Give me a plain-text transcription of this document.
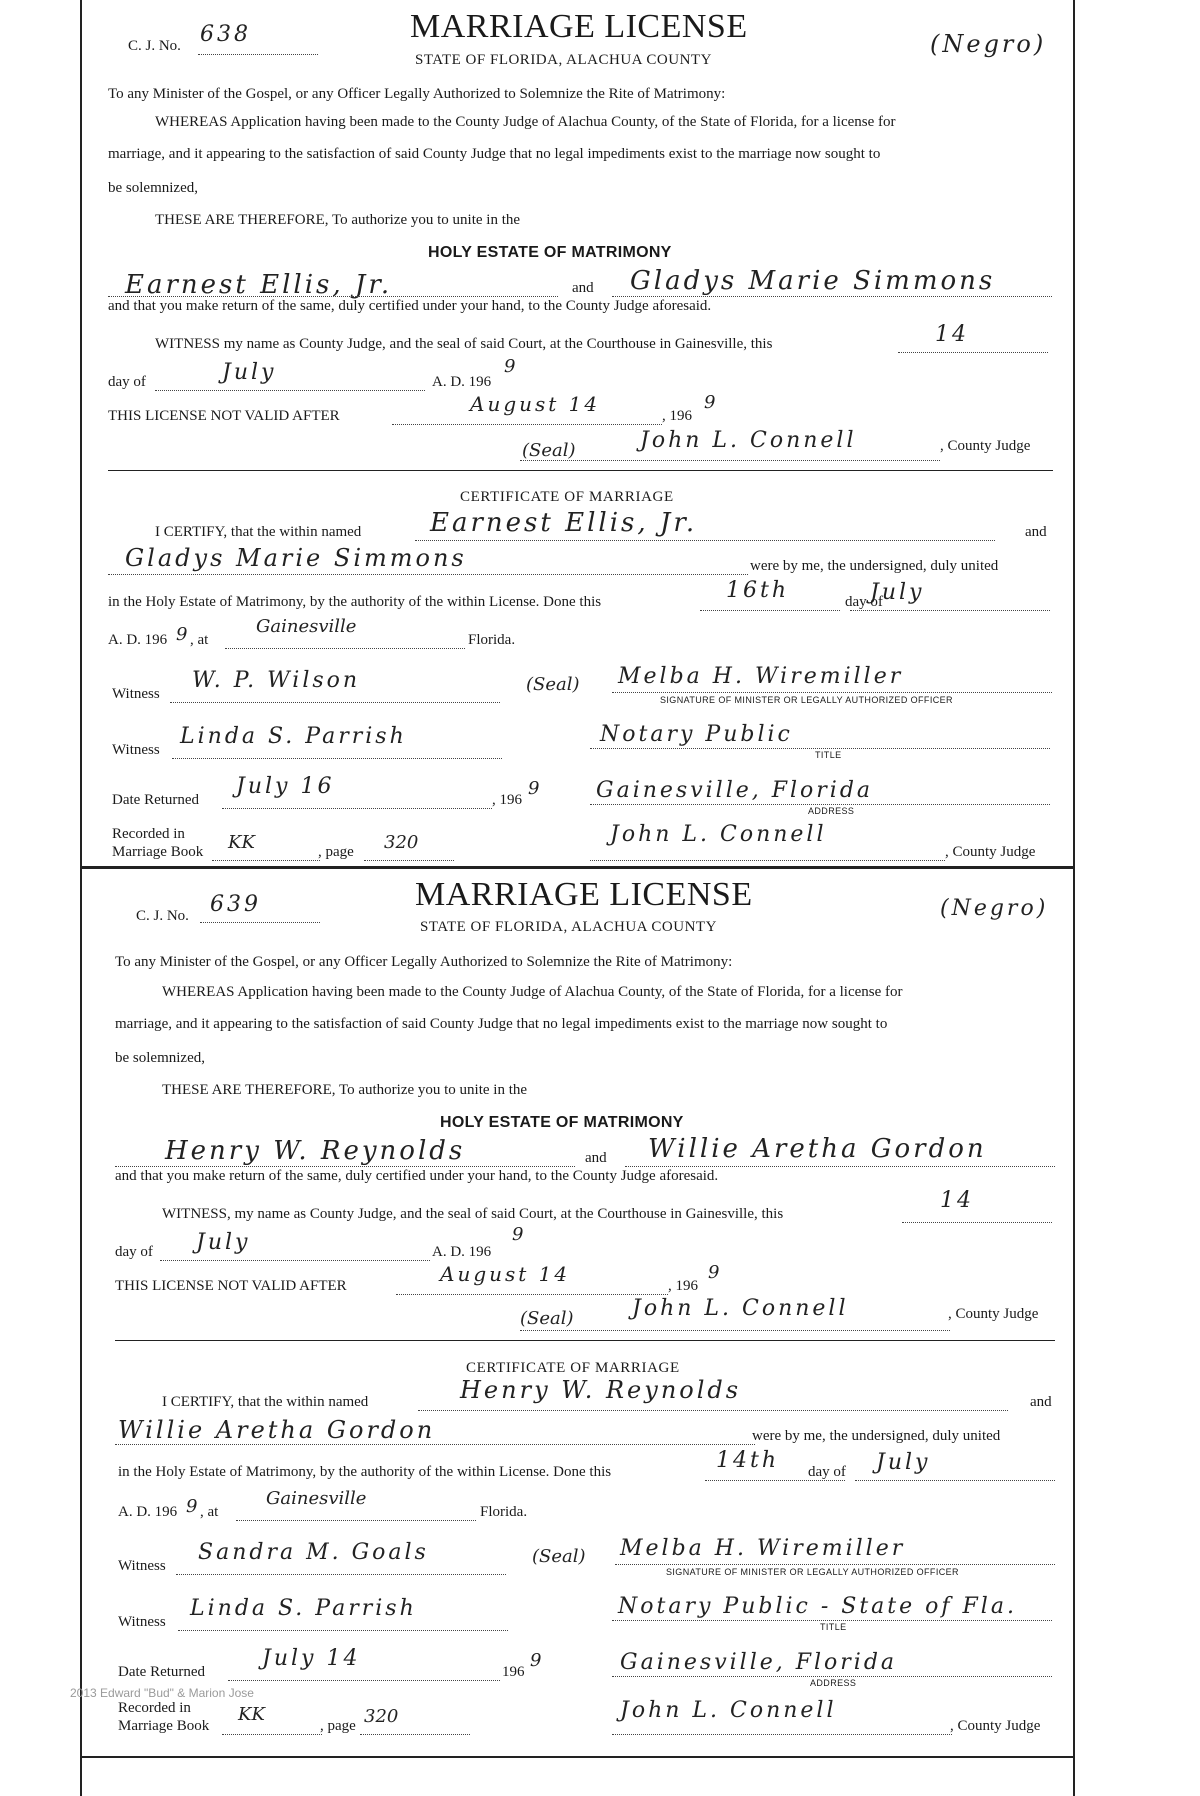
C. J. No. 638	MARRIAGE LICENSE
STATE OF FLORIDA, ALACHUA COUNTY
(Negro)
To any Minister of the Gospel, or any Officer Legally Authorized to Solemnize the Rite of Matrimony:
WHEREAS Application having been made to the County Judge of Alachua County, of the State of Florida, for a license for
marriage, and it appearing to the satisfaction of said County Judge that no legal impediments exist to the marriage now sought to
be solemnized,
THESE ARE THEREFORE, To authorize you to unite in the
HOLY ESTATE OF MATRIMONY
Earnest Ellis, Jr.	and Gladys Marie Simmons
and that you make return of the same, duly certified under your hand, to the County Judge aforesaid.
WITNESS my name as County Judge, and the seal of said Court, at the Courthouse in Gainesville, this	14
day of	July	A. D. 196
9
THIS LICENSE NOT VALID AFTER	August 14	, 196
9
(Seal)	John L. Connell	, County Judge
CERTIFICATE OF MARRIAGE
I CERTIFY, that the within named	Earnest Ellis, Jr.	and
Gladys Marie Simmons	were by me, the undersigned, duly united
in the Holy Estate of Matrimony, by the authority of the within License. Done this	16th	day of
July
A. D. 196 9 , at
Gainesville
Florida.
Witness
W. P. Wilson	(Seal) Melba H. Wiremiller
SIGNATURE OF MINISTER OR LEGALLY AUTHORIZED OFFICER
Witness
Linda S. Parrish	Notary Public
TITLE
Date Returned
July 16
, 196
9	Gainesville, Florida
ADDRESS
Recorded in
Marriage Book KK	, page 320	John L. Connell
, County Judge
C. J. No. 639	MARRIAGE LICENSE
STATE OF FLORIDA, ALACHUA COUNTY
(Negro)
To any Minister of the Gospel, or any Officer Legally Authorized to Solemnize the Rite of Matrimony:
WHEREAS Application having been made to the County Judge of Alachua County, of the State of Florida, for a license for
marriage, and it appearing to the satisfaction of said County Judge that no legal impediments exist to the marriage now sought to
be solemnized,
THESE ARE THEREFORE, To authorize you to unite in the
HOLY ESTATE OF MATRIMONY
Henry W. Reynolds	and Willie Aretha Gordon
and that you make return of the same, duly certified under your hand, to the County Judge aforesaid.
WITNESS, my name as County Judge, and the seal of said Court, at the Courthouse in Gainesville, this
14
day of July	A. D. 196
9
THIS LICENSE NOT VALID AFTER	August 14	, 196
9
(Seal)	John L. Connell	, County Judge
CERTIFICATE OF MARRIAGE
I CERTIFY, that the within named	Henry W. Reynolds	and
Willie Aretha Gordon	were by me, the undersigned, duly united
in the Holy Estate of Matrimony, by the authority of the within License. Done this	14th day of July
A. D. 196 9 , at
Gainesville
Florida.
Witness
Sandra M. Goals	(Seal) Melba H. Wiremiller
SIGNATURE OF MINISTER OR LEGALLY AUTHORIZED OFFICER
Witness
Linda S. Parrish	Notary Public - State of Fla.
TITLE
Date Returned
July 14
196
9	Gainesville, Florida
ADDRESS
Recorded in
Marriage Book
KK
, page 320	John L. Connell
, County Judge
2013 Edward "Bud" & Marion Jose
